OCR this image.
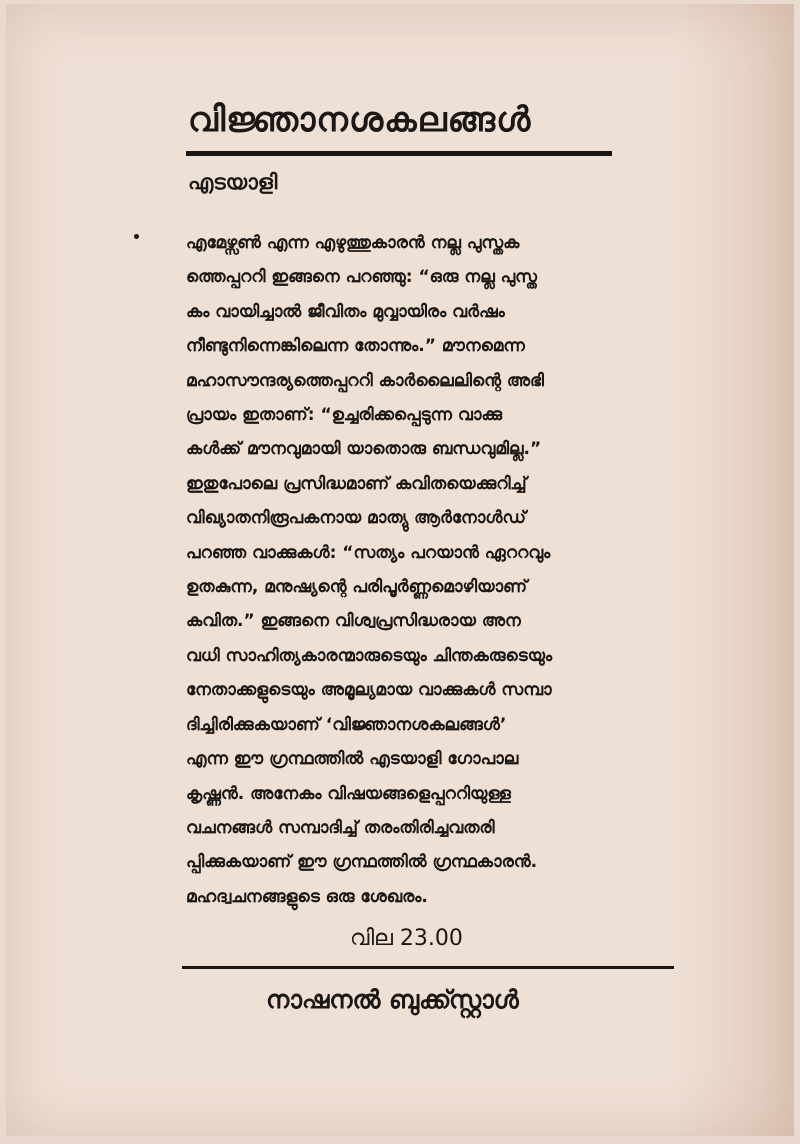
വിജ്ഞാനശകലങ്ങൾ
എടയാളി
എമേഴ്സൺ എന്ന എഴുത്തുകാരൻ നല്ല പുസ്തക
ത്തെപ്പററി ഇങ്ങനെ പറഞ്ഞു: “ഒരു നല്ല പുസ്ത
കം വായിച്ചാൽ ജീവിതം മുവ്വായിരം വർഷം
നീണ്ടുനിന്നെങ്കിലെന്ന തോന്നും.” മൗനമെന്ന
മഹാസൗന്ദര്യത്തെപ്പററി കാർലൈലിന്റെ അഭി
പ്രായം ഇതാണ്: “ഉച്ചരിക്കപ്പെടുന്ന വാക്കു
കൾക്ക് മൗനവുമായി യാതൊരു ബന്ധവുമില്ല.”
ഇതുപോലെ പ്രസിദ്ധമാണ് കവിതയെക്കുറിച്ച്
വിഖ്യാതനിരൂപകനായ മാത്യു ആർനോൾഡ്
പറഞ്ഞ വാക്കുകൾ: “സത്യം പറയാൻ ഏററവും
ഉതകുന്ന, മനുഷ്യന്റെ പരിപൂർണ്ണമൊഴിയാണ്
കവിത.” ഇങ്ങനെ വിശ്വപ്രസിദ്ധരായ അന
വധി സാഹിത്യകാരന്മാരുടെയും ചിന്തകരുടെയും
നേതാക്കളുടെയും അമൂല്യമായ വാക്കുകൾ സമ്പാ
ദിച്ചിരിക്കുകയാണ് ‘വിജ്ഞാനശകലങ്ങൾ’
എന്ന ഈ ഗ്രന്ഥത്തിൽ എടയാളി ഗോപാല
കൃഷ്ണൻ. അനേകം വിഷയങ്ങളെപ്പററിയുള്ള
വചനങ്ങൾ സമ്പാദിച്ച് തരംതിരിച്ചവതരി
പ്പിക്കുകയാണ് ഈ ഗ്രന്ഥത്തിൽ ഗ്രന്ഥകാരൻ.
മഹദ്വചനങ്ങളുടെ ഒരു ശേഖരം.
വില 23.00
നാഷനൽ ബുക്ക്സ്റ്റാൾ
